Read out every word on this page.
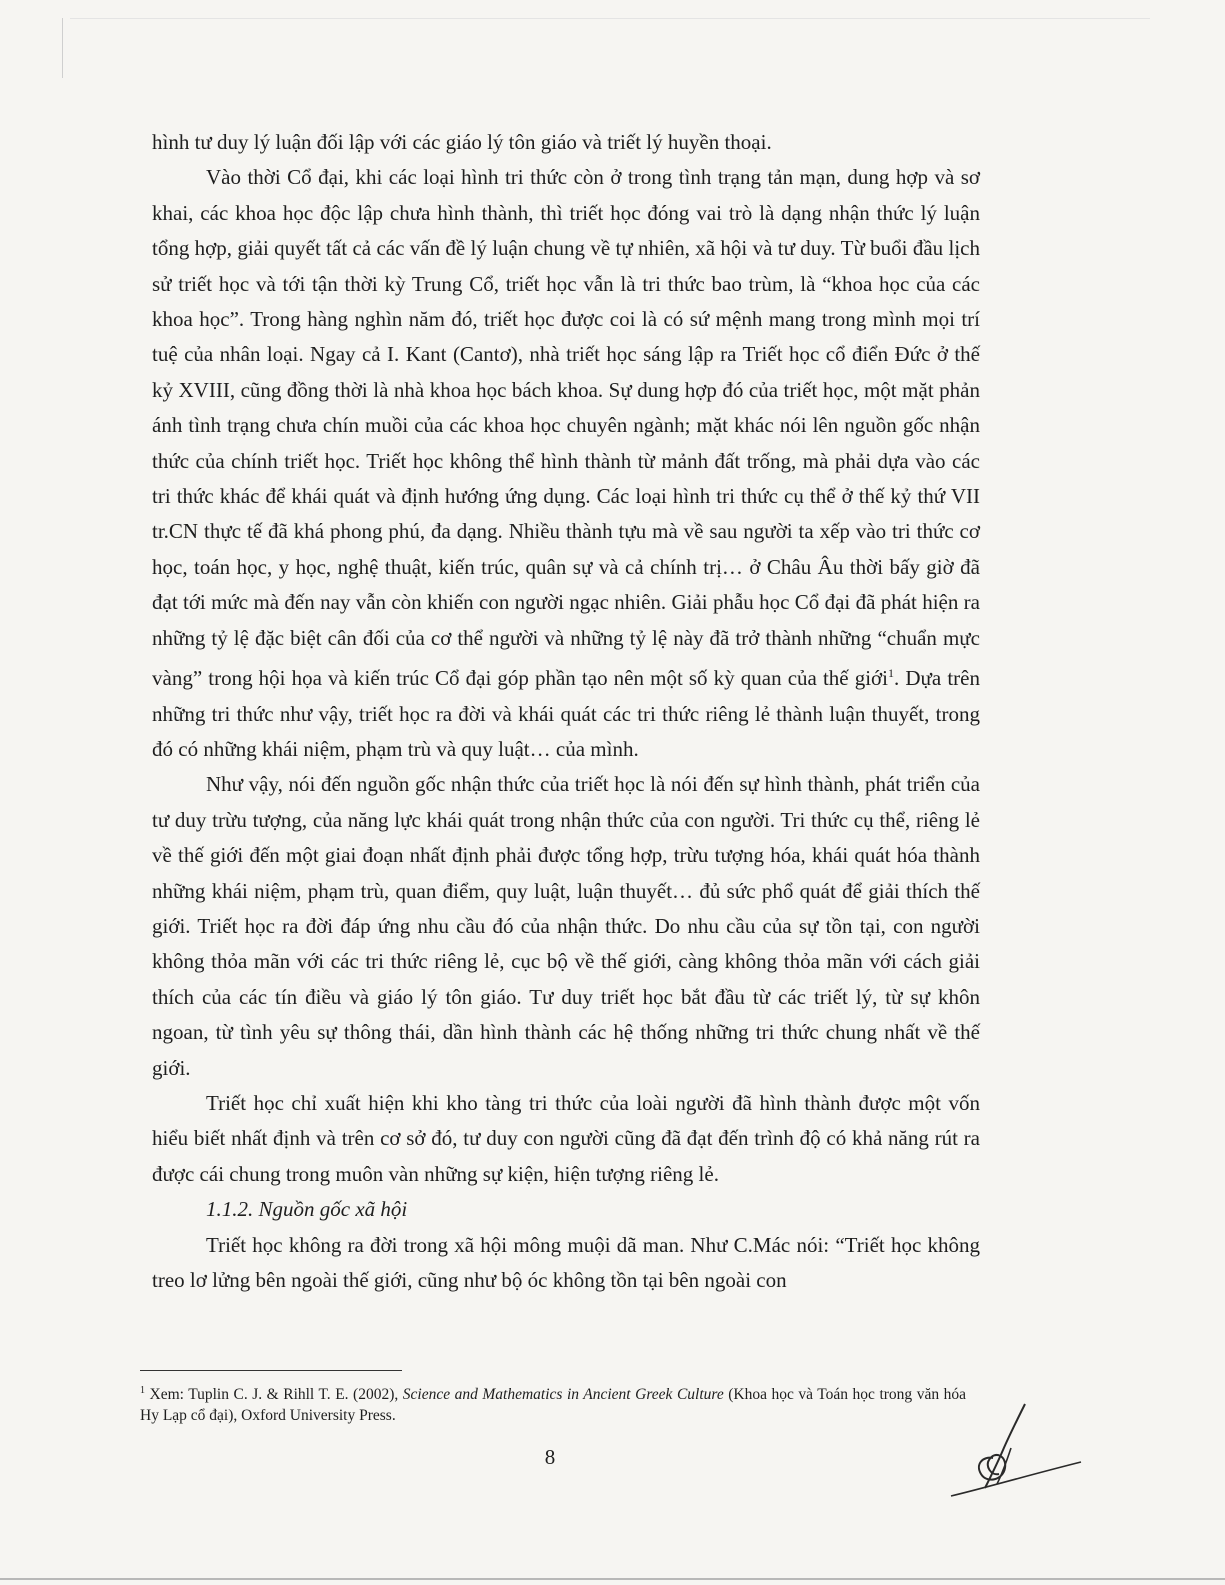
hình tư duy lý luận đối lập với các giáo lý tôn giáo và triết lý huyền thoại.

Vào thời Cổ đại, khi các loại hình tri thức còn ở trong tình trạng tản mạn, dung hợp và sơ khai, các khoa học độc lập chưa hình thành, thì triết học đóng vai trò là dạng nhận thức lý luận tổng hợp, giải quyết tất cả các vấn đề lý luận chung về tự nhiên, xã hội và tư duy. Từ buổi đầu lịch sử triết học và tới tận thời kỳ Trung Cổ, triết học vẫn là tri thức bao trùm, là “khoa học của các khoa học”. Trong hàng nghìn năm đó, triết học được coi là có sứ mệnh mang trong mình mọi trí tuệ của nhân loại. Ngay cả I. Kant (Cantơ), nhà triết học sáng lập ra Triết học cổ điển Đức ở thế kỷ XVIII, cũng đồng thời là nhà khoa học bách khoa. Sự dung hợp đó của triết học, một mặt phản ánh tình trạng chưa chín muồi của các khoa học chuyên ngành; mặt khác nói lên nguồn gốc nhận thức của chính triết học. Triết học không thể hình thành từ mảnh đất trống, mà phải dựa vào các tri thức khác để khái quát và định hướng ứng dụng. Các loại hình tri thức cụ thể ở thế kỷ thứ VII tr.CN thực tế đã khá phong phú, đa dạng. Nhiều thành tựu mà về sau người ta xếp vào tri thức cơ học, toán học, y học, nghệ thuật, kiến trúc, quân sự và cả chính trị… ở Châu Âu thời bấy giờ đã đạt tới mức mà đến nay vẫn còn khiến con người ngạc nhiên. Giải phẫu học Cổ đại đã phát hiện ra những tỷ lệ đặc biệt cân đối của cơ thể người và những tỷ lệ này đã trở thành những “chuẩn mực vàng” trong hội họa và kiến trúc Cổ đại góp phần tạo nên một số kỳ quan của thế giới$^1$. Dựa trên những tri thức như vậy, triết học ra đời và khái quát các tri thức riêng lẻ thành luận thuyết, trong đó có những khái niệm, phạm trù và quy luật… của mình.

Như vậy, nói đến nguồn gốc nhận thức của triết học là nói đến sự hình thành, phát triển của tư duy trừu tượng, của năng lực khái quát trong nhận thức của con người. Tri thức cụ thể, riêng lẻ về thế giới đến một giai đoạn nhất định phải được tổng hợp, trừu tượng hóa, khái quát hóa thành những khái niệm, phạm trù, quan điểm, quy luật, luận thuyết… đủ sức phổ quát để giải thích thế giới. Triết học ra đời đáp ứng nhu cầu đó của nhận thức. Do nhu cầu của sự tồn tại, con người không thỏa mãn với các tri thức riêng lẻ, cục bộ về thế giới, càng không thỏa mãn với cách giải thích của các tín điều và giáo lý tôn giáo. Tư duy triết học bắt đầu từ các triết lý, từ sự khôn ngoan, từ tình yêu sự thông thái, dần hình thành các hệ thống những tri thức chung nhất về thế giới.

Triết học chỉ xuất hiện khi kho tàng tri thức của loài người đã hình thành được một vốn hiểu biết nhất định và trên cơ sở đó, tư duy con người cũng đã đạt đến trình độ có khả năng rút ra được cái chung trong muôn vàn những sự kiện, hiện tượng riêng lẻ.

1.1.2. Nguồn gốc xã hội

Triết học không ra đời trong xã hội mông muội dã man. Như C.Mác nói: “Triết học không treo lơ lửng bên ngoài thế giới, cũng như bộ óc không tồn tại bên ngoài con

$^1$ Xem: Tuplin C. J. & Rihll T. E. (2002), Science and Mathematics in Ancient Greek Culture (Khoa học và Toán học trong văn hóa Hy Lạp cổ đại), Oxford University Press.

8
